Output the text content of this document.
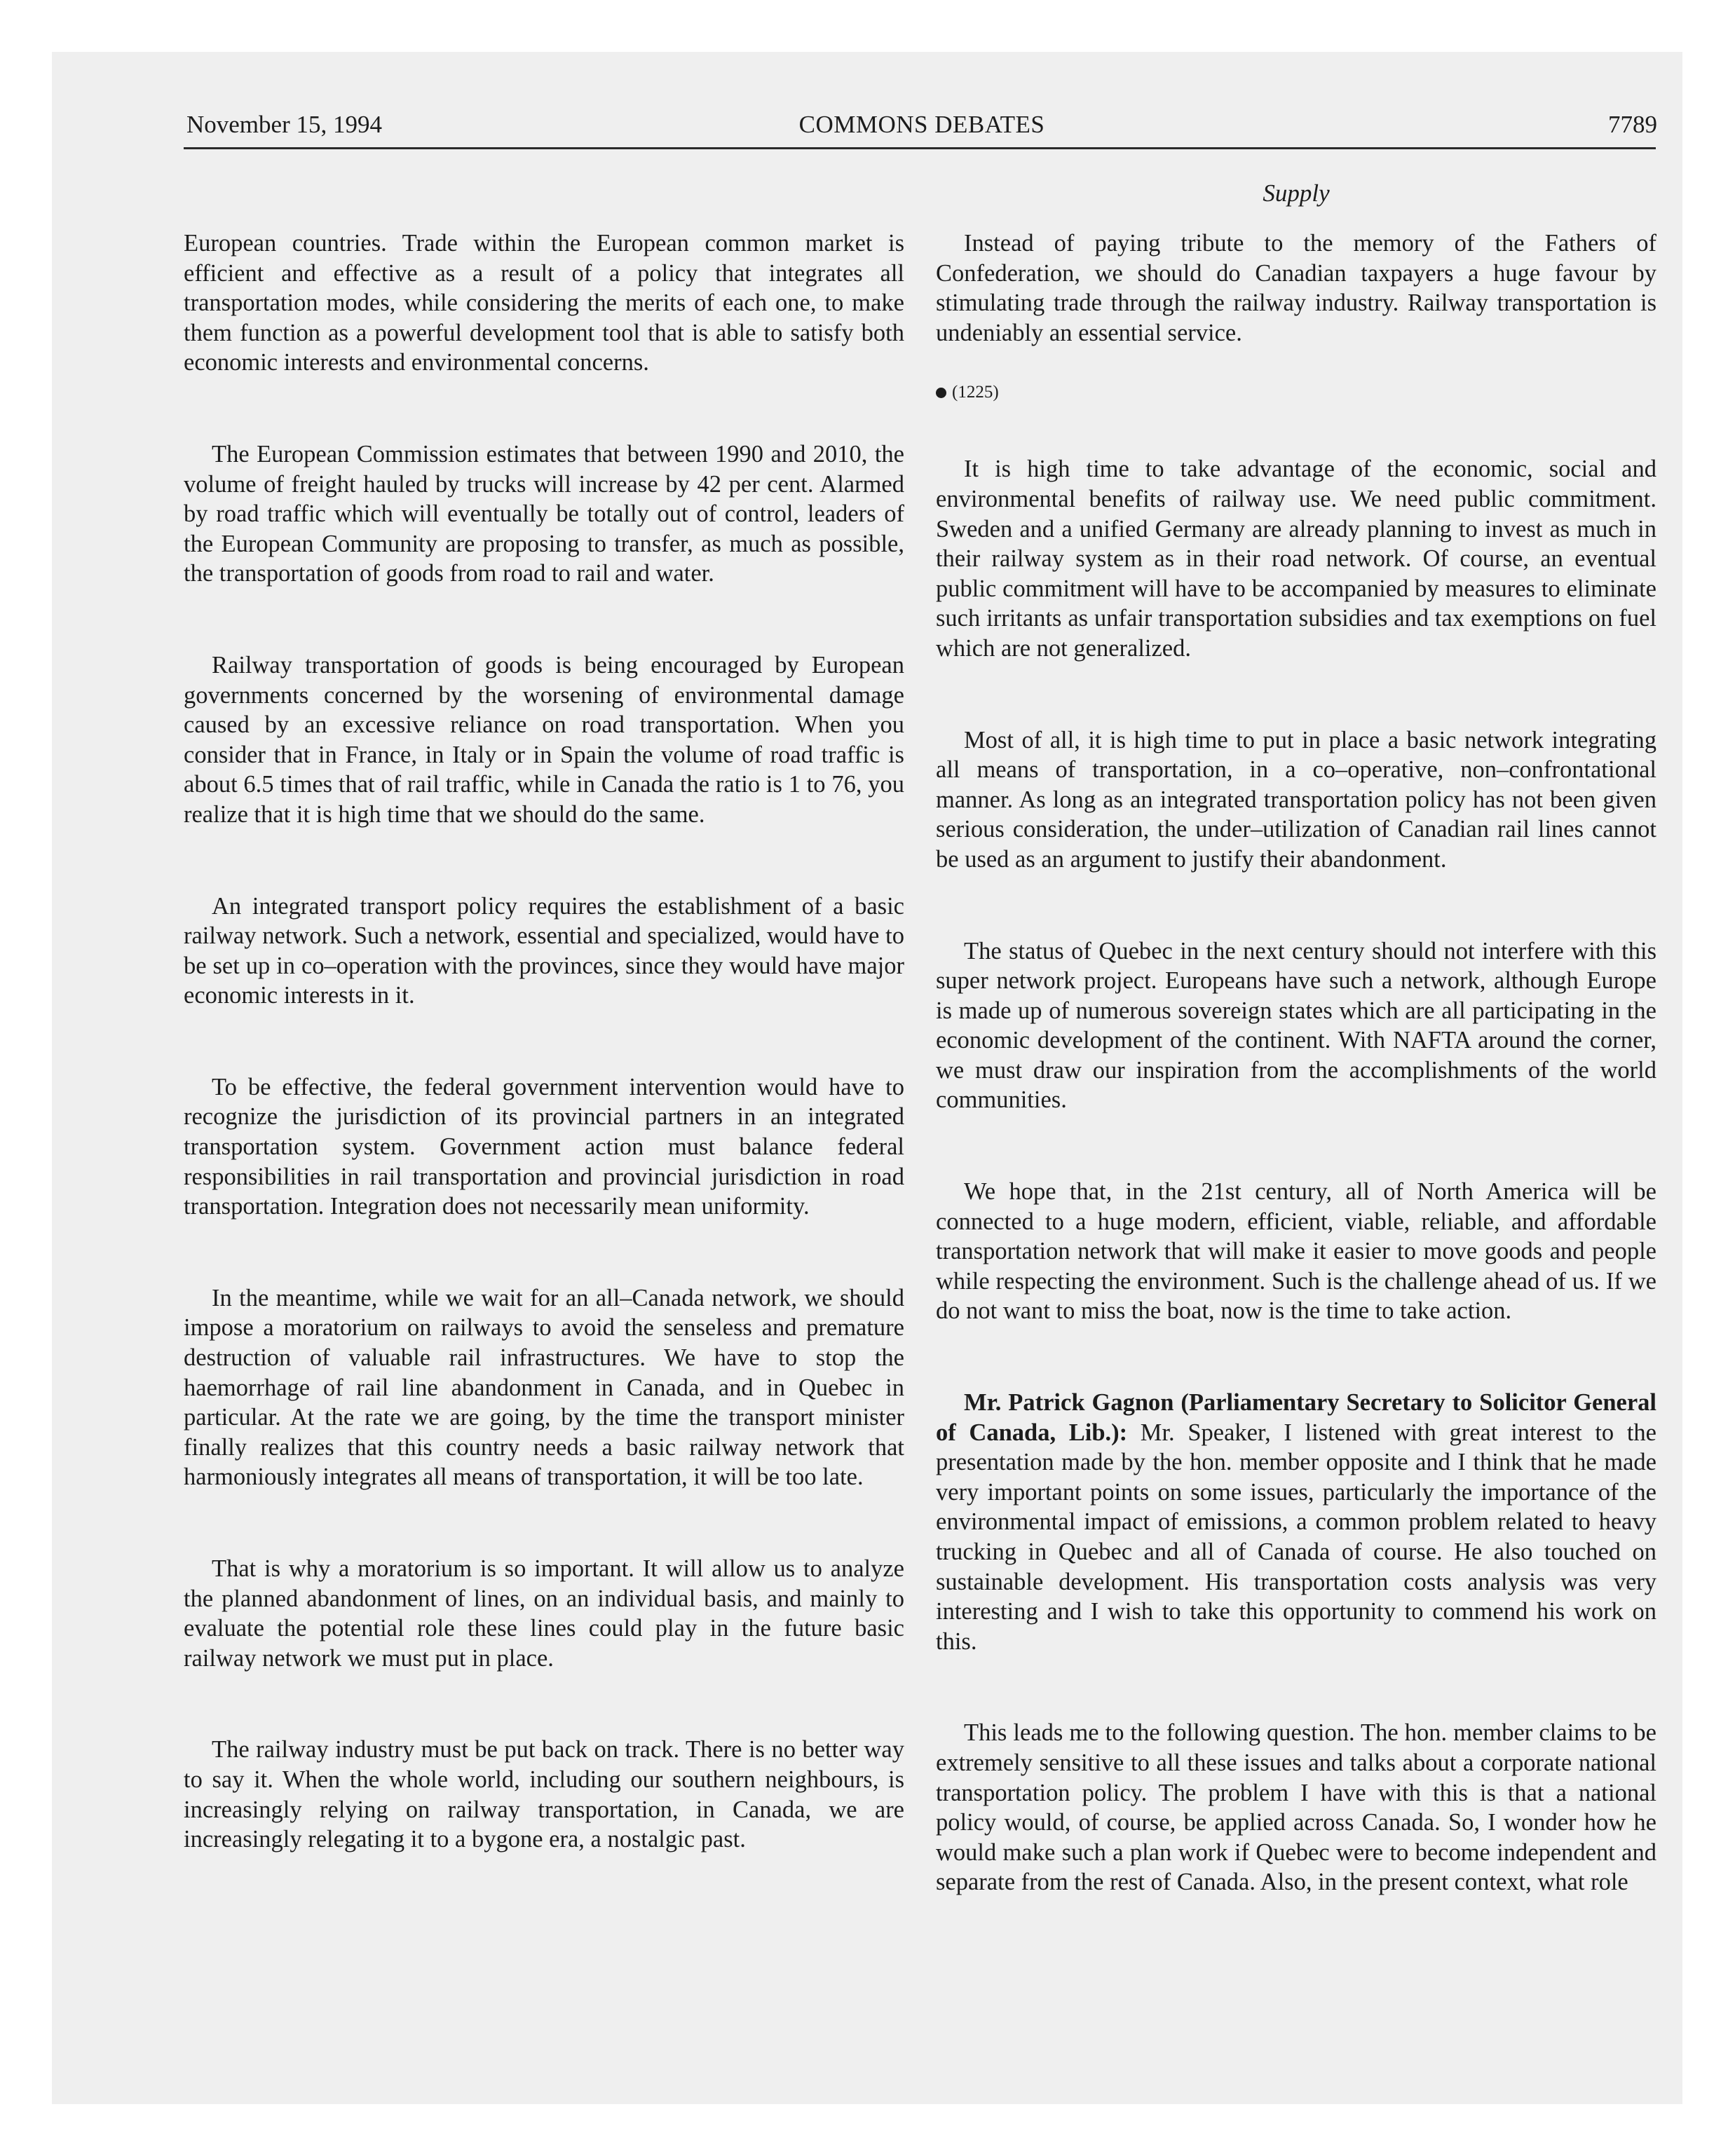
November 15, 1994	COMMONS DEBATES	7789
Supply

European countries. Trade within the European common market is efficient and effective as a result of a policy that integrates all transportation modes, while considering the merits of each one, to make them function as a powerful development tool that is able to satisfy both economic interests and environmental concerns.

The European Commission estimates that between 1990 and 2010, the volume of freight hauled by trucks will increase by 42 per cent. Alarmed by road traffic which will eventually be totally out of control, leaders of the European Community are proposing to transfer, as much as possible, the transportation of goods from road to rail and water.

Railway transportation of goods is being encouraged by European governments concerned by the worsening of environmental damage caused by an excessive reliance on road transportation. When you consider that in France, in Italy or in Spain the volume of road traffic is about 6.5 times that of rail traffic, while in Canada the ratio is 1 to 76, you realize that it is high time that we should do the same.

An integrated transport policy requires the establishment of a basic railway network. Such a network, essential and specialized, would have to be set up in co–operation with the provinces, since they would have major economic interests in it.

To be effective, the federal government intervention would have to recognize the jurisdiction of its provincial partners in an integrated transportation system. Government action must balance federal responsibilities in rail transportation and provincial jurisdiction in road transportation. Integration does not necessarily mean uniformity.

In the meantime, while we wait for an all–Canada network, we should impose a moratorium on railways to avoid the senseless and premature destruction of valuable rail infrastructures. We have to stop the haemorrhage of rail line abandonment in Canada, and in Quebec in particular. At the rate we are going, by the time the transport minister finally realizes that this country needs a basic railway network that harmoniously integrates all means of transportation, it will be too late.

That is why a moratorium is so important. It will allow us to analyze the planned abandonment of lines, on an individual basis, and mainly to evaluate the potential role these lines could play in the future basic railway network we must put in place.

The railway industry must be put back on track. There is no better way to say it. When the whole world, including our southern neighbours, is increasingly relying on railway transportation, in Canada, we are increasingly relegating it to a bygone era, a nostalgic past.

Instead of paying tribute to the memory of the Fathers of Confederation, we should do Canadian taxpayers a huge favour by stimulating trade through the railway industry. Railway transportation is undeniably an essential service.

(1225)

It is high time to take advantage of the economic, social and environmental benefits of railway use. We need public commitment. Sweden and a unified Germany are already planning to invest as much in their railway system as in their road network. Of course, an eventual public commitment will have to be accompanied by measures to eliminate such irritants as unfair transportation subsidies and tax exemptions on fuel which are not generalized.

Most of all, it is high time to put in place a basic network integrating all means of transportation, in a co–operative, non–confrontational manner. As long as an integrated transportation policy has not been given serious consideration, the under–utilization of Canadian rail lines cannot be used as an argument to justify their abandonment.

The status of Quebec in the next century should not interfere with this super network project. Europeans have such a network, although Europe is made up of numerous sovereign states which are all participating in the economic development of the continent. With NAFTA around the corner, we must draw our inspiration from the accomplishments of the world communities.

We hope that, in the 21st century, all of North America will be connected to a huge modern, efficient, viable, reliable, and affordable transportation network that will make it easier to move goods and people while respecting the environment. Such is the challenge ahead of us. If we do not want to miss the boat, now is the time to take action.

Mr. Patrick Gagnon (Parliamentary Secretary to Solicitor General of Canada, Lib.): Mr. Speaker, I listened with great interest to the presentation made by the hon. member opposite and I think that he made very important points on some issues, particularly the importance of the environmental impact of emissions, a common problem related to heavy trucking in Quebec and all of Canada of course. He also touched on sustainable development. His transportation costs analysis was very interesting and I wish to take this opportunity to commend his work on this.

This leads me to the following question. The hon. member claims to be extremely sensitive to all these issues and talks about a corporate national transportation policy. The problem I have with this is that a national policy would, of course, be applied across Canada. So, I wonder how he would make such a plan work if Quebec were to become independent and separate from the rest of Canada. Also, in the present context, what role
